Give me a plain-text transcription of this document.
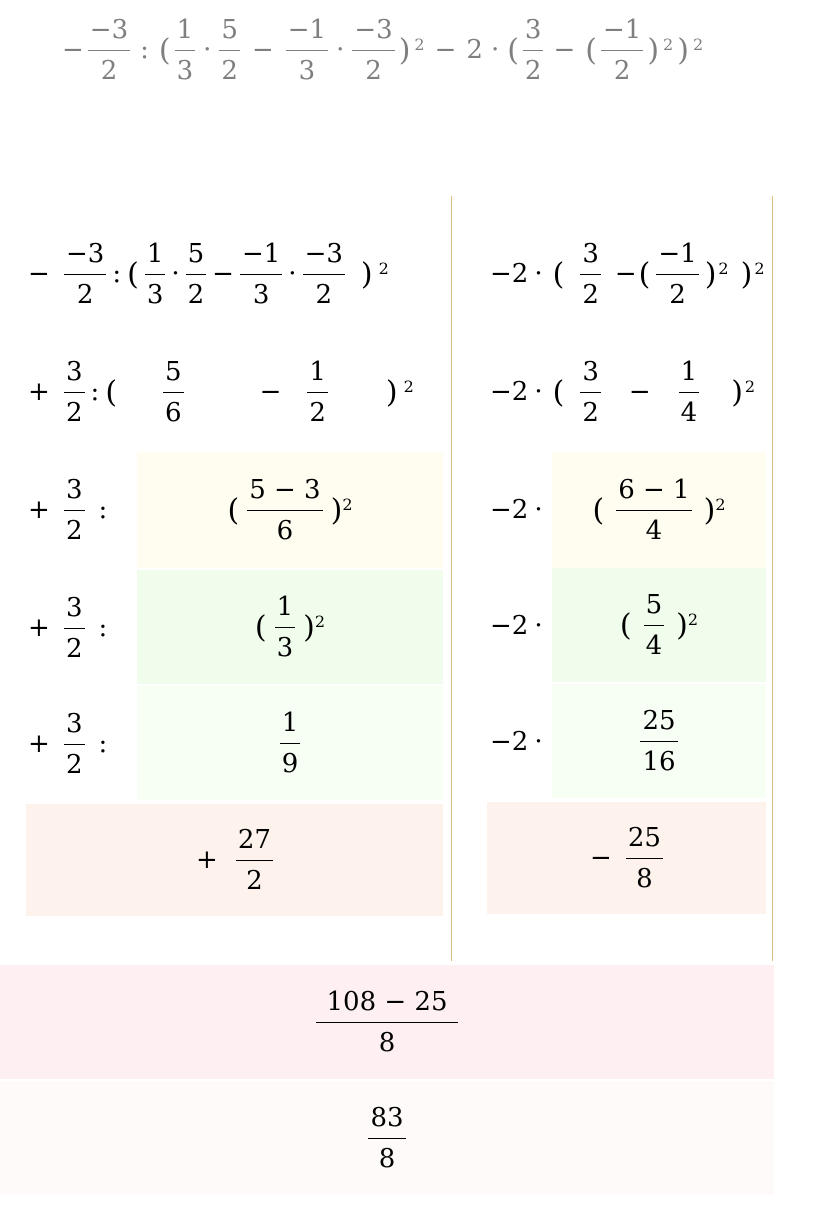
− $\frac{-3}{2}$ : ( $\frac{1}{3} \cdot \frac{5}{2} - \frac{-1}{3} \cdot \frac{-3}{2}$ ) 2 − 2 · ( $\frac{3}{2}$ − ( $\frac{-1}{2}$ ) 2 ) 2
− $\frac{-3}{2}$ : ( $\frac{1}{3} \cdot \frac{5}{2} - \frac{-1}{3} \cdot \frac{-3}{2}$ ) 2
+ $\frac{3}{2}$ : ( $\frac{5}{6}$	− $\frac{1}{2}$ ) 2
+ $\frac{3}{2}$ :	( $\frac{5 - 3}{6}$ ) 2
+ $\frac{3}{2}$ :	( $\frac{1}{3}$ ) 2
+ $\frac{3}{2}$ :	$\frac{1}{9}$
+ $\frac{27}{2}$
−2 · ( $\frac{3}{2}$ − ( $\frac{-1}{2}$ ) 2 ) 2
−2 · ( $\frac{3}{2} - \frac{1}{4}$ ) 2
−2 · ( $\frac{6 - 1}{4}$ ) 2
−2 ·	( $\frac{5}{4}$ ) 2
−2 ·	$\frac{25}{16}$
− $\frac{25}{8}$
$\frac{108 - 25}{8}$
$\frac{83}{8}$
